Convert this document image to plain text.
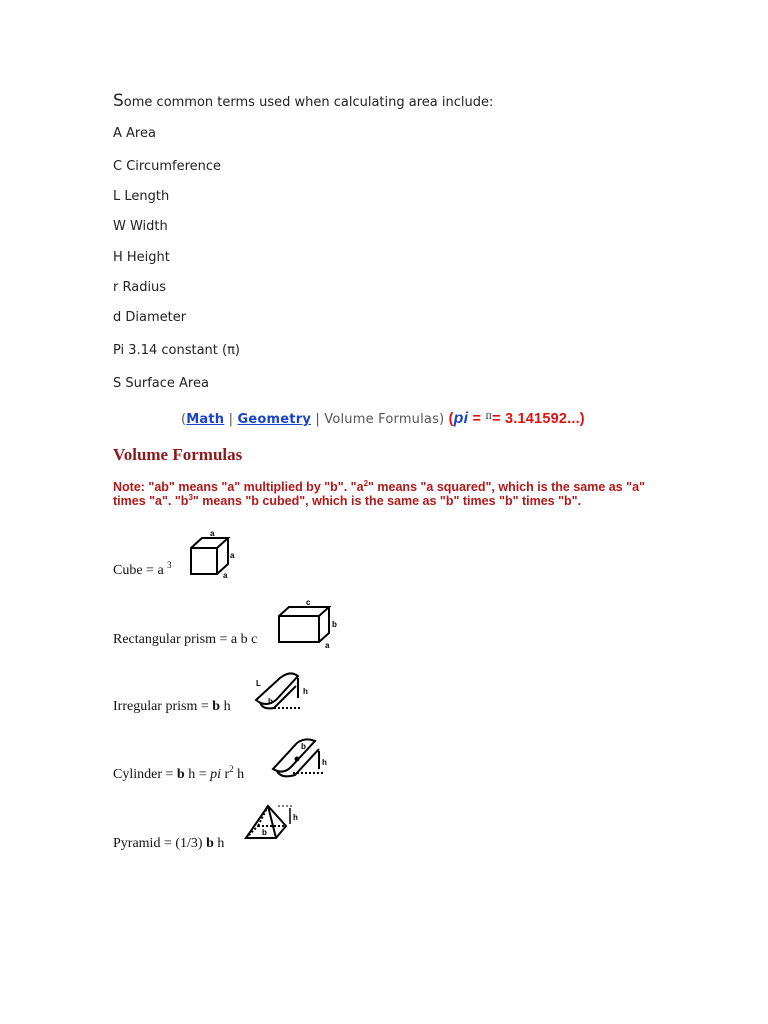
Some common terms used when calculating area include:

A Area
C Circumference
L Length
W Width
H Height
r Radius
d Diameter
Pi 3.14 constant (π)
S Surface Area
(Math | Geometry | Volume Formulas) (pi = $^\pi$= 3.141592...)
Volume Formulas
Note: "ab" means "a" multiplied by "b". "$a^2$" means "a squared", which is the same as "a" times "a". "$b^3$" means "b cubed", which is the same as "b" times "b" times "b".
Cube = a $^3$
a
a
a
Rectangular prism = a b c
c
b
a
Irregular prism = b h
L
b
h
Cylinder = b h = pi $r^2$ h
b
h
Pyramid = (1/3) b h
b
h
